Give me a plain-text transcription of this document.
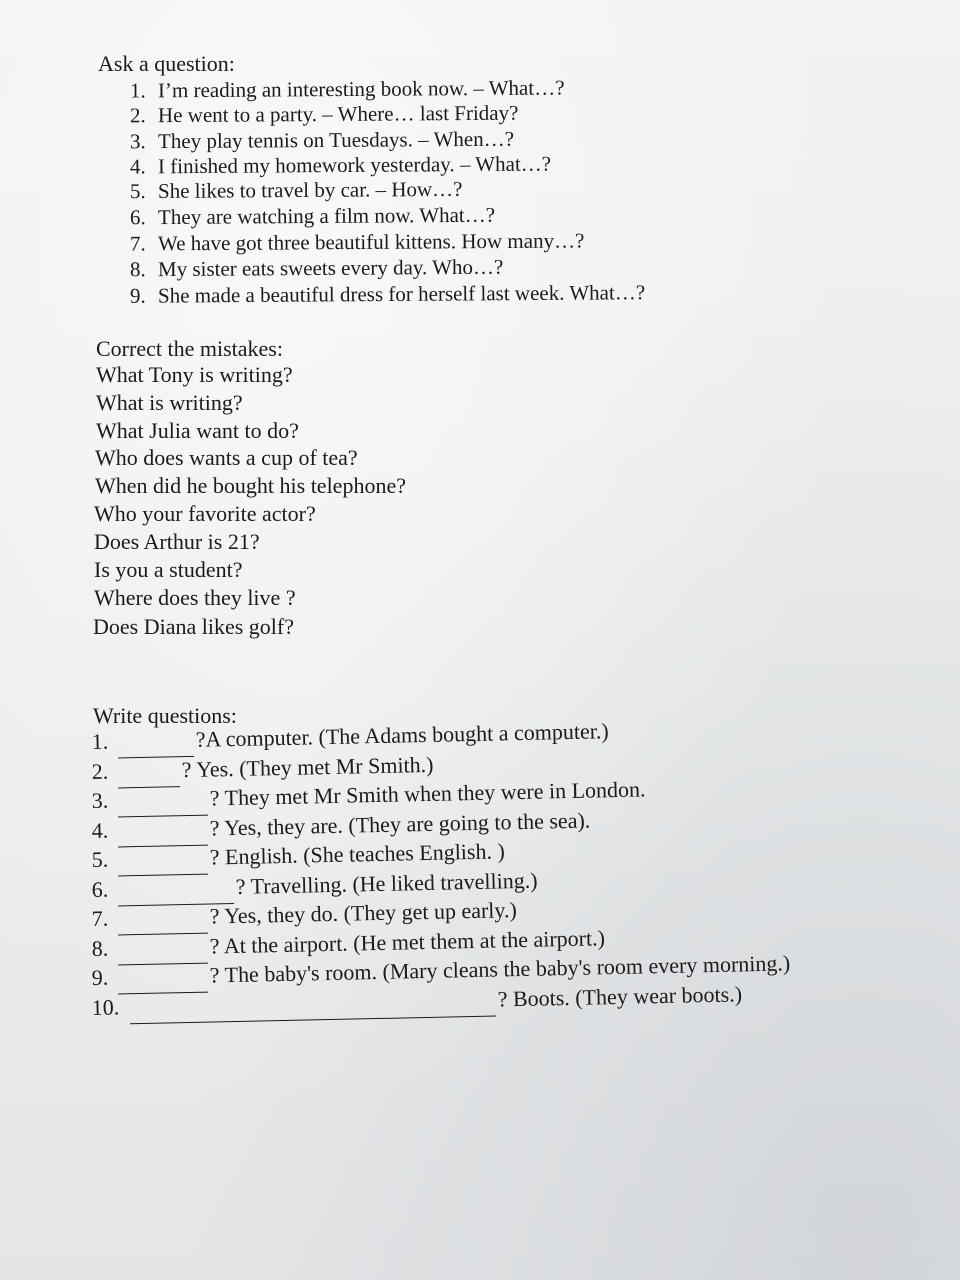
Ask a question:
1. I’m reading an interesting book now. – What…?
2. He went to a party. – Where… last Friday?
3. They play tennis on Tuesdays. – When…?
4. I finished my homework yesterday. – What…?
5. She likes to travel by car. – How…?
6. They are watching a film now. What…?
7. We have got three beautiful kittens. How many…?
8. My sister eats sweets every day. Who…?
9. She made a beautiful dress for herself last week. What…?
Correct the mistakes:
What Tony is writing?
What is writing?
What Julia want to do?
Who does wants a cup of tea?
When did he bought his telephone?
Who your favorite actor?
Does Arthur is 21?
Is you a student?
Where does they live ?
Does Diana likes golf?
Write questions:
1.	?A computer. (The Adams bought a computer.)
2.	? Yes. (They met Mr Smith.)
3.	? They met Mr Smith when they were in London.
4.	? Yes, they are. (They are going to the sea).
5.	? English. (She teaches English. )
6.	? Travelling. (He liked travelling.)
7.	? Yes, they do. (They get up early.)
8.	? At the airport. (He met them at the airport.)
9.	? The baby's room. (Mary cleans the baby's room every morning.)
10.	? Boots. (They wear boots.)
